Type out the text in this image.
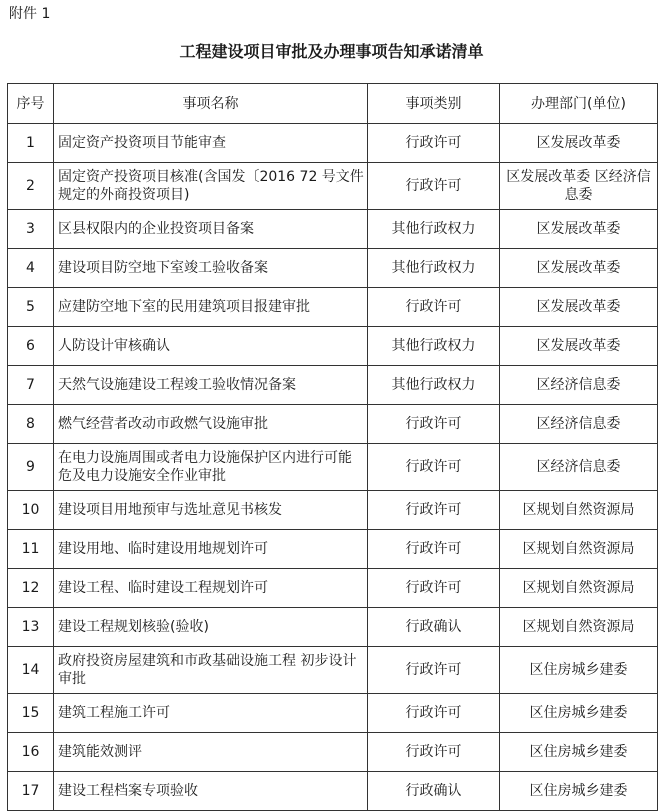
附件 1
工程建设项目审批及办理事项告知承诺清单
序号	事项名称	事项类别	办理部门(单位)
1	固定资产投资项目节能审查	行政许可	区发展改革委
2	固定资产投资项目核准(含国发〔2016 72 号文件规定的外商投资项目)	行政许可	区发展改革委 区经济信息委
3	区县权限内的企业投资项目备案	其他行政权力	区发展改革委
4	建设项目防空地下室竣工验收备案	其他行政权力	区发展改革委
5	应建防空地下室的民用建筑项目报建审批	行政许可	区发展改革委
6	人防设计审核确认	其他行政权力	区发展改革委
7	天然气设施建设工程竣工验收情况备案	其他行政权力	区经济信息委
8	燃气经营者改动市政燃气设施审批	行政许可	区经济信息委
9	在电力设施周围或者电力设施保护区内进行可能危及电力设施安全作业审批	行政许可	区经济信息委
10	建设项目用地预审与选址意见书核发	行政许可	区规划自然资源局
11	建设用地、临时建设用地规划许可	行政许可	区规划自然资源局
12	建设工程、临时建设工程规划许可	行政许可	区规划自然资源局
13	建设工程规划核验(验收)	行政确认	区规划自然资源局
14	政府投资房屋建筑和市政基础设施工程 初步设计审批	行政许可	区住房城乡建委
15	建筑工程施工许可	行政许可	区住房城乡建委
16	建筑能效测评	行政许可	区住房城乡建委
17	建设工程档案专项验收	行政确认	区住房城乡建委
